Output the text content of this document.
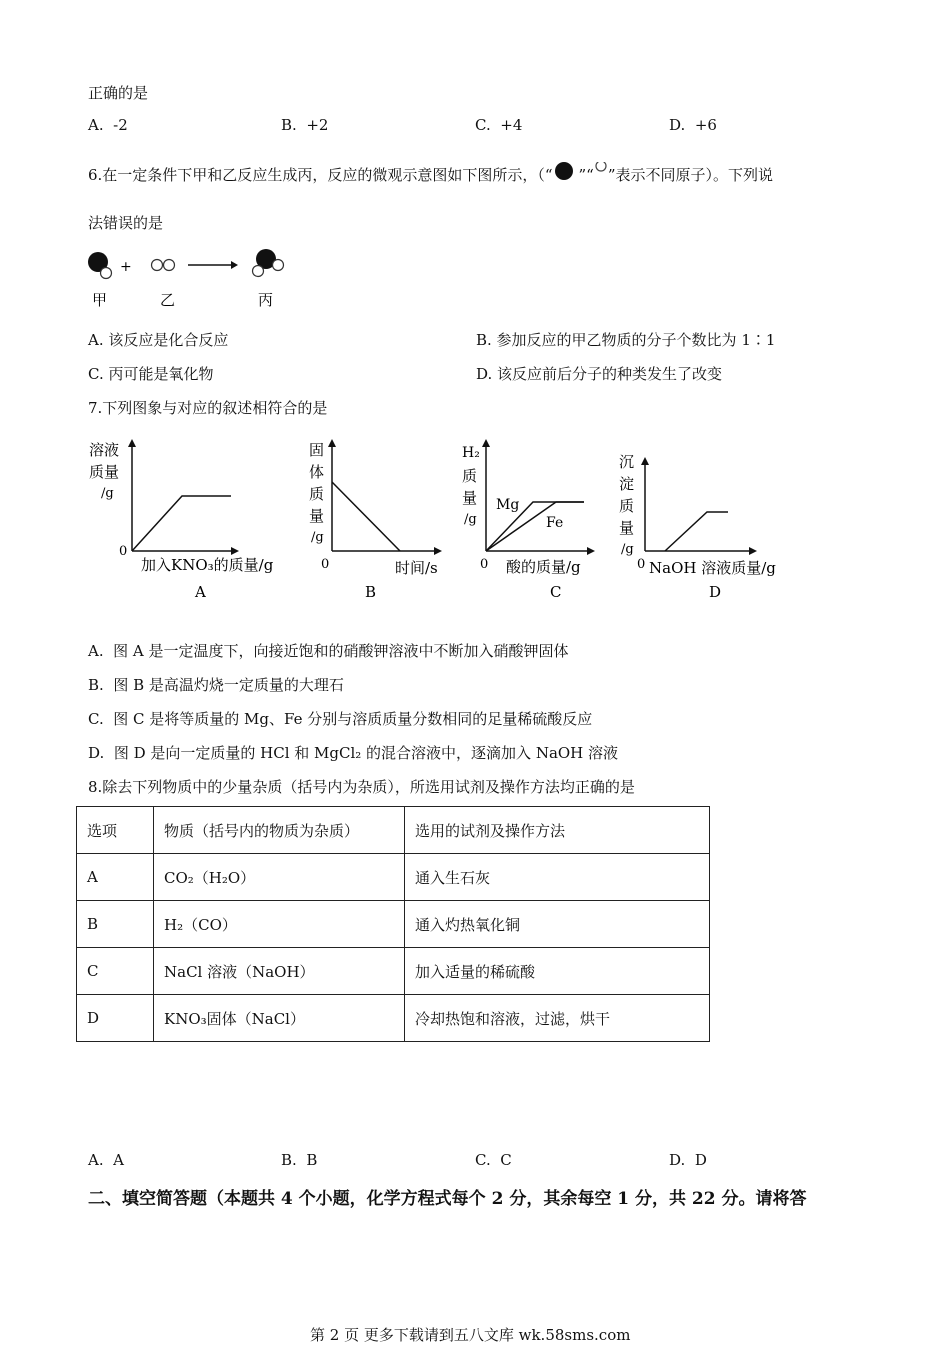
正确的是
A. -2	B. +2	C. +4	D. +6
6.在一定条件下甲和乙反应生成丙，反应的微观示意图如下图所示，（“ ”“ ”表示不同原子）。下列说
法错误的是
+
甲	乙	丙
A. 该反应是化合反应	B. 参加反应的甲乙物质的分子个数比为 1∶1
C. 丙可能是氧化物	D. 该反应前后分子的种类发生了改变
7.下列图象与对应的叙述相符合的是
溶液
质量
/g
0
加入KNO₃的质量/g
A
固
体
质
量
/g
0	时间/s
B
H₂
质
量
/g
Mg
Fe
0 酸的质量/g
C
沉
淀
质
量
/g
0 NaOH 溶液质量/g
D
A. 图 A 是一定温度下，向接近饱和的硝酸钾溶液中不断加入硝酸钾固体
B. 图 B 是高温灼烧一定质量的大理石
C. 图 C 是将等质量的 Mg、Fe 分别与溶质质量分数相同的足量稀硫酸反应
D. 图 D 是向一定质量的 HCl 和 MgCl₂ 的混合溶液中，逐滴加入 NaOH 溶液
8.除去下列物质中的少量杂质（括号内为杂质），所选用试剂及操作方法均正确的是
选项	物质（括号内的物质为杂质）	选用的试剂及操作方法
A	CO₂（H₂O）	通入生石灰
B	H₂（CO）	通入灼热氧化铜
C	NaCl 溶液（NaOH）	加入适量的稀硫酸
D	KNO₃固体（NaCl）	冷却热饱和溶液，过滤，烘干
A. A	B. B	C. C	D. D
二、填空简答题（本题共 4 个小题，化学方程式每个 2 分，其余每空 1 分，共 22 分。请将答
第 2 页 更多下载请到五八文库 wk.58sms.com
